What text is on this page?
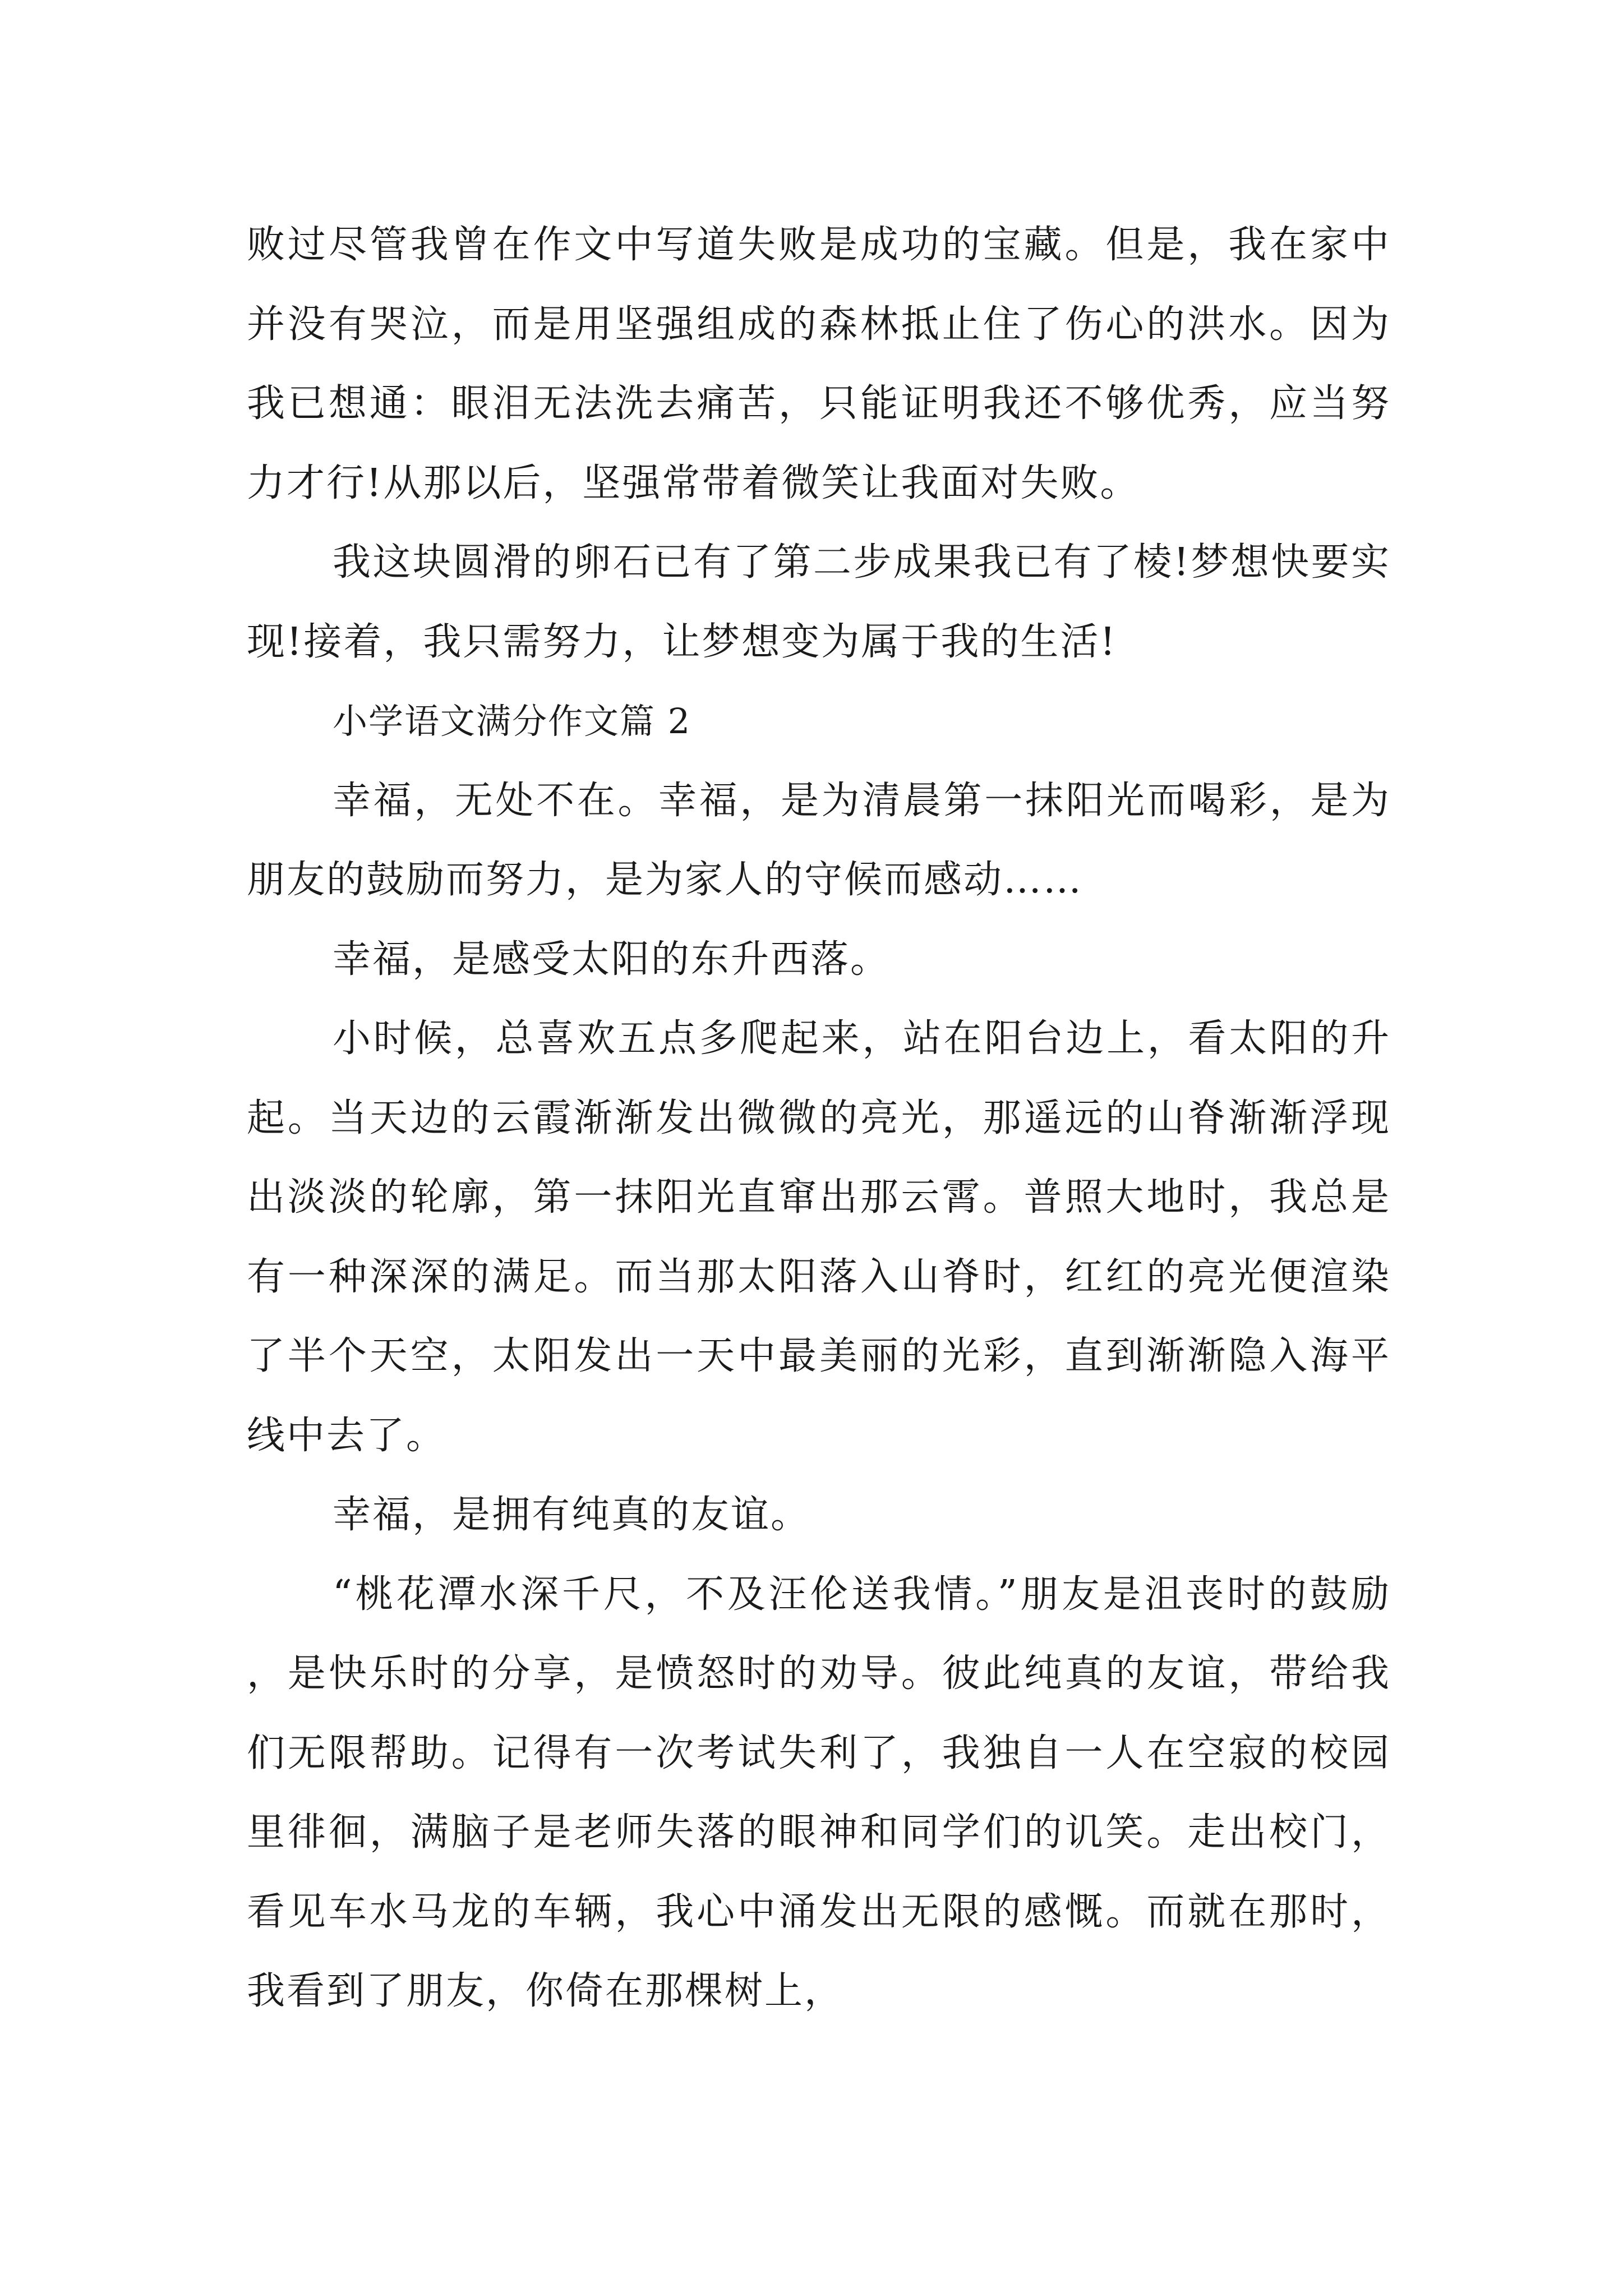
败过尽管我曾在作文中写道失败是成功的宝藏。但是，我在家中并没有哭泣，而是用坚强组成的森林抵止住了伤心的洪水。因为我已想通：眼泪无法洗去痛苦，只能证明我还不够优秀，应当努力才行!从那以后，坚强常带着微笑让我面对失败。

我这块圆滑的卵石已有了第二步成果我已有了棱!梦想快要实现!接着，我只需努力，让梦想变为属于我的生活!

小学语文满分作文篇 2

幸福，无处不在。幸福，是为清晨第一抹阳光而喝彩，是为朋友的鼓励而努力，是为家人的守候而感动……

幸福，是感受太阳的东升西落。

小时候，总喜欢五点多爬起来，站在阳台边上，看太阳的升起。当天边的云霞渐渐发出微微的亮光，那遥远的山脊渐渐浮现出淡淡的轮廓，第一抹阳光直窜出那云霄。普照大地时，我总是有一种深深的满足。而当那太阳落入山脊时，红红的亮光便渲染了半个天空，太阳发出一天中最美丽的光彩，直到渐渐隐入海平线中去了。

幸福，是拥有纯真的友谊。

“桃花潭水深千尺，不及汪伦送我情。”朋友是沮丧时的鼓励，是快乐时的分享，是愤怒时的劝导。彼此纯真的友谊，带给我们无限帮助。记得有一次考试失利了，我独自一人在空寂的校园里徘徊，满脑子是老师失落的眼神和同学们的讥笑。走出校门，看见车水马龙的车辆，我心中涌发出无限的感慨。而就在那时，我看到了朋友，你倚在那棵树上，
